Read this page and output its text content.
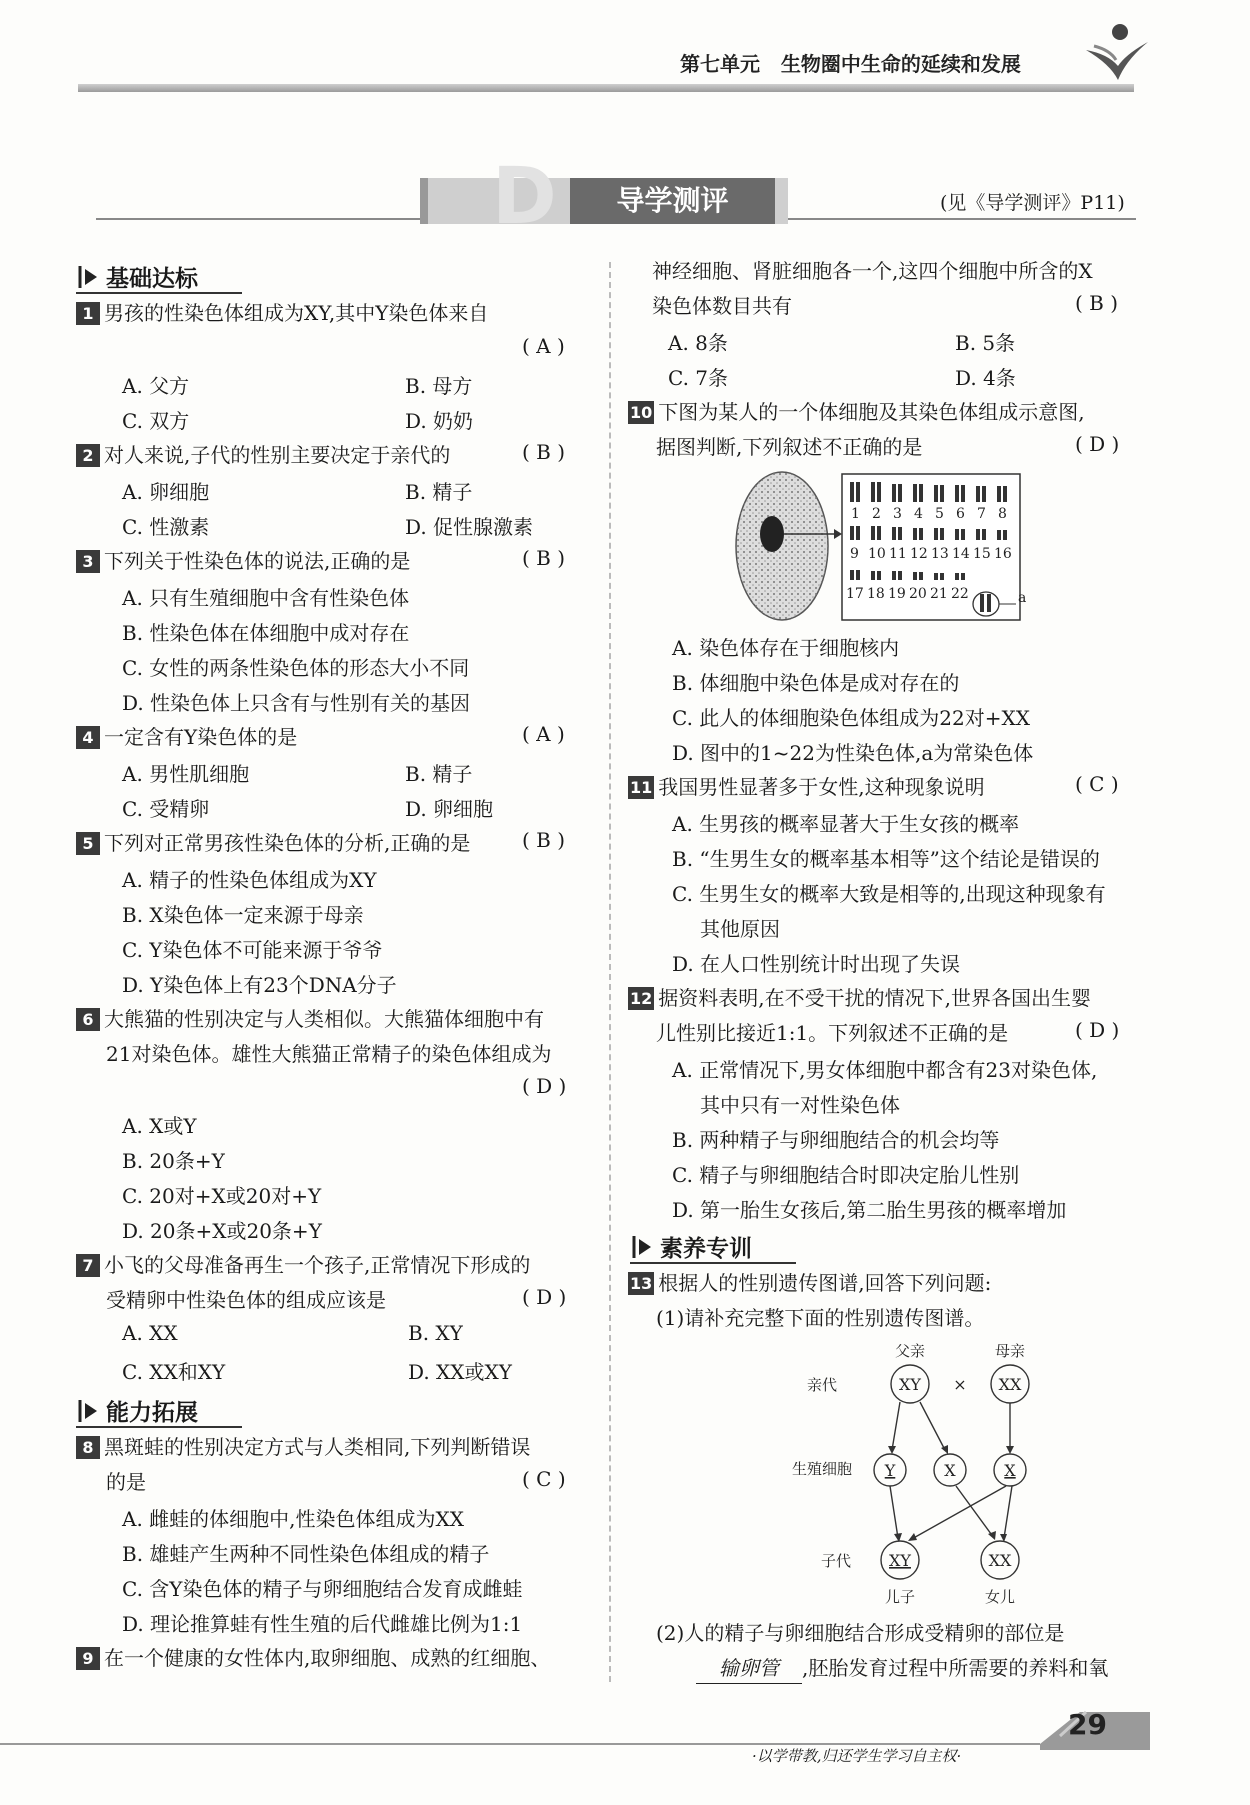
第七单元 生物圈中生命的延续和发展
D	导学测评	(见《导学测评》P11)
基础达标
1 男孩的性染色体组成为XY,其中Y染色体来自
( A )
A. 父方	B. 母方
C. 双方	D. 奶奶
2 对人来说,子代的性别主要决定于亲代的	( B )
A. 卵细胞	B. 精子
C. 性激素	D. 促性腺激素
3 下列关于性染色体的说法,正确的是	( B )
A. 只有生殖细胞中含有性染色体
B. 性染色体在体细胞中成对存在
C. 女性的两条性染色体的形态大小不同
D. 性染色体上只含有与性别有关的基因
4 一定含有Y染色体的是	( A )
A. 男性肌细胞	B. 精子
C. 受精卵	D. 卵细胞
5 下列对正常男孩性染色体的分析,正确的是	( B )
A. 精子的性染色体组成为XY
B. X染色体一定来源于母亲
C. Y染色体不可能来源于爷爷
D. Y染色体上有23个DNA分子
6 大熊猫的性别决定与人类相似。大熊猫体细胞中有
21对染色体。雄性大熊猫正常精子的染色体组成为
( D )
A. X或Y
B. 20条+Y
C. 20对+X或20对+Y
D. 20条+X或20条+Y
7 小飞的父母准备再生一个孩子,正常情况下形成的
受精卵中性染色体的组成应该是	( D )
A. XX	B. XY
C. XX和XY	D. XX或XY
能力拓展
8 黑斑蛙的性别决定方式与人类相同,下列判断错误
的是	( C )
A. 雌蛙的体细胞中,性染色体组成为XX
B. 雄蛙产生两种不同性染色体组成的精子
C. 含Y染色体的精子与卵细胞结合发育成雌蛙
D. 理论推算蛙有性生殖的后代雌雄比例为1:1
9 在一个健康的女性体内,取卵细胞、成熟的红细胞、
神经细胞、肾脏细胞各一个,这四个细胞中所含的X
染色体数目共有	( B )
A. 8条	B. 5条
C. 7条	D. 4条
10 下图为某人的一个体细胞及其染色体组成示意图,
据图判断,下列叙述不正确的是	( D )
1 2 3 4 5 6 7 8
9 10 11 12 13 14 15 16
17 18 19 20 21 22	a
A. 染色体存在于细胞核内
B. 体细胞中染色体是成对存在的
C. 此人的体细胞染色体组成为22对+XX
D. 图中的1~22为性染色体,a为常染色体
11 我国男性显著多于女性,这种现象说明	( C )
A. 生男孩的概率显著大于生女孩的概率
B. “生男生女的概率基本相等”这个结论是错误的
C. 生男生女的概率大致是相等的,出现这种现象有
其他原因
D. 在人口性别统计时出现了失误
12 据资料表明,在不受干扰的情况下,世界各国出生婴
儿性别比接近1:1。下列叙述不正确的是	( D )
A. 正常情况下,男女体细胞中都含有23对染色体,
其中只有一对性染色体
B. 两种精子与卵细胞结合的机会均等
C. 精子与卵细胞结合时即决定胎儿性别
D. 第一胎生女孩后,第二胎生男孩的概率增加
素养专训
13 根据人的性别遗传图谱,回答下列问题:
(1)请补充完整下面的性别遗传图谱。
父亲	母亲
亲代
生殖细胞
子代
XY	XX
×
Y	X	X
XY	XX
儿子	女儿
(2)人的精子与卵细胞结合形成受精卵的部位是
输卵管 ,胚胎发育过程中所需要的养料和氧
·以学带教,归还学生学习自主权·
29
